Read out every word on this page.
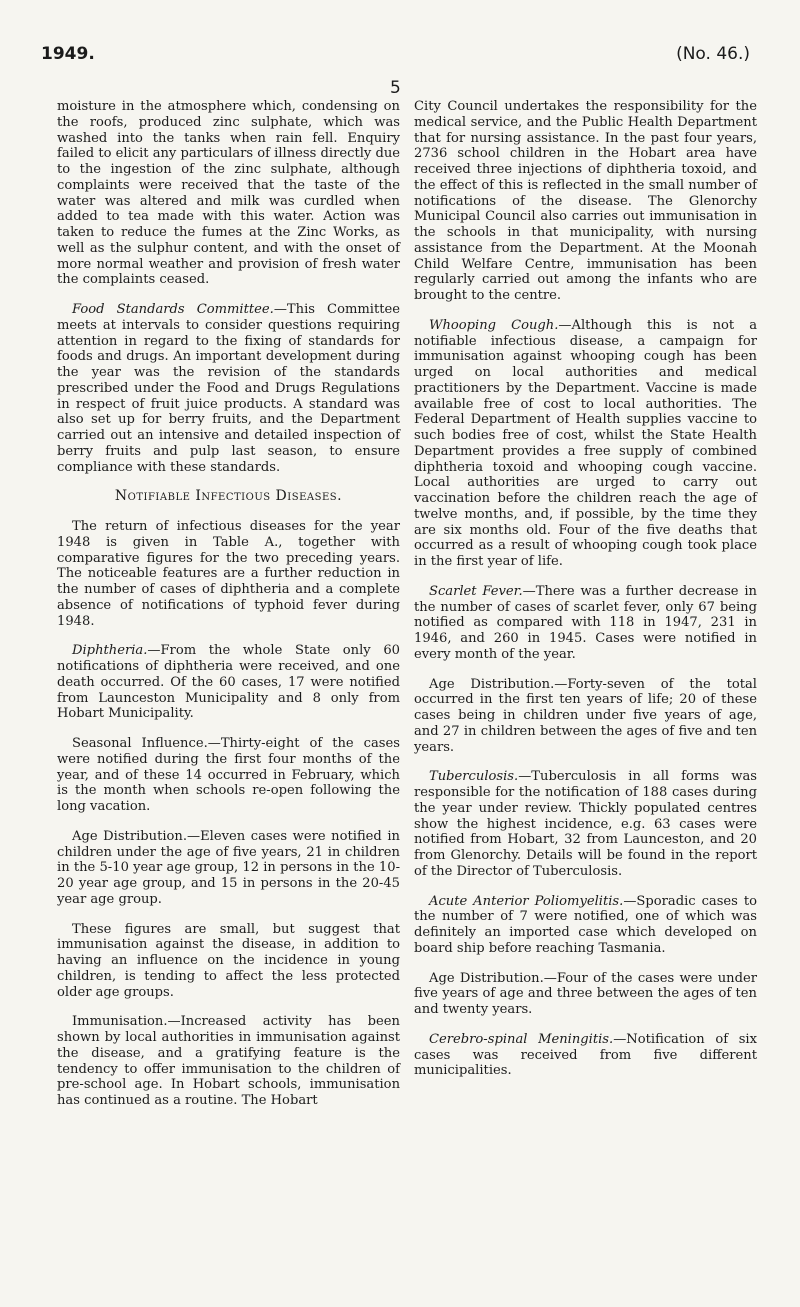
1949.	(No. 46.)
5

moisture in the atmosphere which, condensing on the roofs, produced zinc sulphate, which was washed into the tanks when rain fell. Enquiry failed to elicit any particulars of illness directly due to the ingestion of the zinc sulphate, although complaints were received that the taste of the water was altered and milk was curdled when added to tea made with this water. Action was taken to reduce the fumes at the Zinc Works, as well as the sulphur content, and with the onset of more normal weather and provision of fresh water the complaints ceased.

Food Standards Committee.—This Committee meets at intervals to consider questions requiring attention in regard to the fixing of standards for foods and drugs. An important development during the year was the revision of the standards prescribed under the Food and Drugs Regulations in respect of fruit juice products. A standard was also set up for berry fruits, and the Department carried out an intensive and detailed inspection of berry fruits and pulp last season, to ensure compliance with these standards.

Notifiable Infectious Diseases.

The return of infectious diseases for the year 1948 is given in Table A., together with comparative figures for the two preceding years. The noticeable features are a further reduction in the number of cases of diphtheria and a complete absence of notifications of typhoid fever during 1948.

Diphtheria.—From the whole State only 60 notifications of diphtheria were received, and one death occurred. Of the 60 cases, 17 were notified from Launceston Municipality and 8 only from Hobart Municipality.

Seasonal Influence.—Thirty-eight of the cases were notified during the first four months of the year, and of these 14 occurred in February, which is the month when schools re-open following the long vacation.

Age Distribution.—Eleven cases were notified in children under the age of five years, 21 in children in the 5-10 year age group, 12 in persons in the 10-20 year age group, and 15 in persons in the 20-45 year age group.

These figures are small, but suggest that immunisation against the disease, in addition to having an influence on the incidence in young children, is tending to affect the less protected older age groups.

Immunisation.—Increased activity has been shown by local authorities in immunisation against the disease, and a gratifying feature is the tendency to offer immunisation to the children of pre-school age. In Hobart schools, immunisation has continued as a routine. The Hobart

City Council undertakes the responsibility for the medical service, and the Public Health Department that for nursing assistance. In the past four years, 2736 school children in the Hobart area have received three injections of diphtheria toxoid, and the effect of this is reflected in the small number of notifications of the disease. The Glenorchy Municipal Council also carries out immunisation in the schools in that municipality, with nursing assistance from the Department. At the Moonah Child Welfare Centre, immunisation has been regularly carried out among the infants who are brought to the centre.

Whooping Cough.—Although this is not a notifiable infectious disease, a campaign for immunisation against whooping cough has been urged on local authorities and medical practitioners by the Department. Vaccine is made available free of cost to local authorities. The Federal Department of Health supplies vaccine to such bodies free of cost, whilst the State Health Department provides a free supply of combined diphtheria toxoid and whooping cough vaccine. Local authorities are urged to carry out vaccination before the children reach the age of twelve months, and, if possible, by the time they are six months old. Four of the five deaths that occurred as a result of whooping cough took place in the first year of life.

Scarlet Fever.—There was a further decrease in the number of cases of scarlet fever, only 67 being notified as compared with 118 in 1947, 231 in 1946, and 260 in 1945. Cases were notified in every month of the year.

Age Distribution.—Forty-seven of the total occurred in the first ten years of life; 20 of these cases being in children under five years of age, and 27 in children between the ages of five and ten years.

Tuberculosis.—Tuberculosis in all forms was responsible for the notification of 188 cases during the year under review. Thickly populated centres show the highest incidence, e.g. 63 cases were notified from Hobart, 32 from Launceston, and 20 from Glenorchy. Details will be found in the report of the Director of Tuberculosis.

Acute Anterior Poliomyelitis.—Sporadic cases to the number of 7 were notified, one of which was definitely an imported case which developed on board ship before reaching Tasmania.

Age Distribution.—Four of the cases were under five years of age and three between the ages of ten and twenty years.

Cerebro-spinal Meningitis.—Notification of six cases was received from five different municipalities.
